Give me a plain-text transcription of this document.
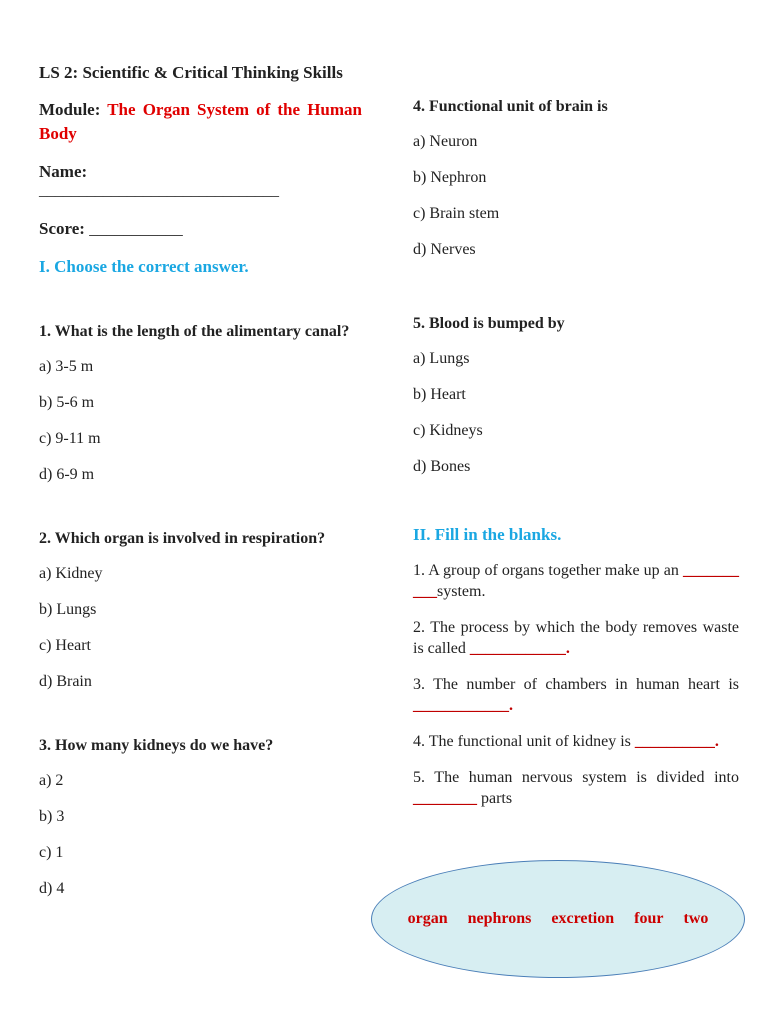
LS 2: Scientific & Critical Thinking Skills

Module: The Organ System of the Human Body

Name:

______________________________

Score: ___________

I. Choose the correct answer.

1. What is the length of the alimentary canal?

a) 3-5 m

b) 5-6 m

c) 9-11 m

d) 6-9 m

2. Which organ is involved in respiration?

a) Kidney

b) Lungs

c) Heart

d) Brain

3. How many kidneys do we have?

a) 2

b) 3

c) 1

d) 4

4. Functional unit of brain is

a) Neuron

b) Nephron

c) Brain stem

d) Nerves

5. Blood is bumped by

a) Lungs

b) Heart

c) Kidneys

d) Bones

II. Fill in the blanks.

1. A group of organs together make up an _______ ___system.

2. The process by which the body removes waste is called ____________.

3. The number of chambers in human heart is ____________.

4. The functional unit of kidney is __________.

5. The human nervous system is divided into ________ parts

organ nephrons excretion four two
